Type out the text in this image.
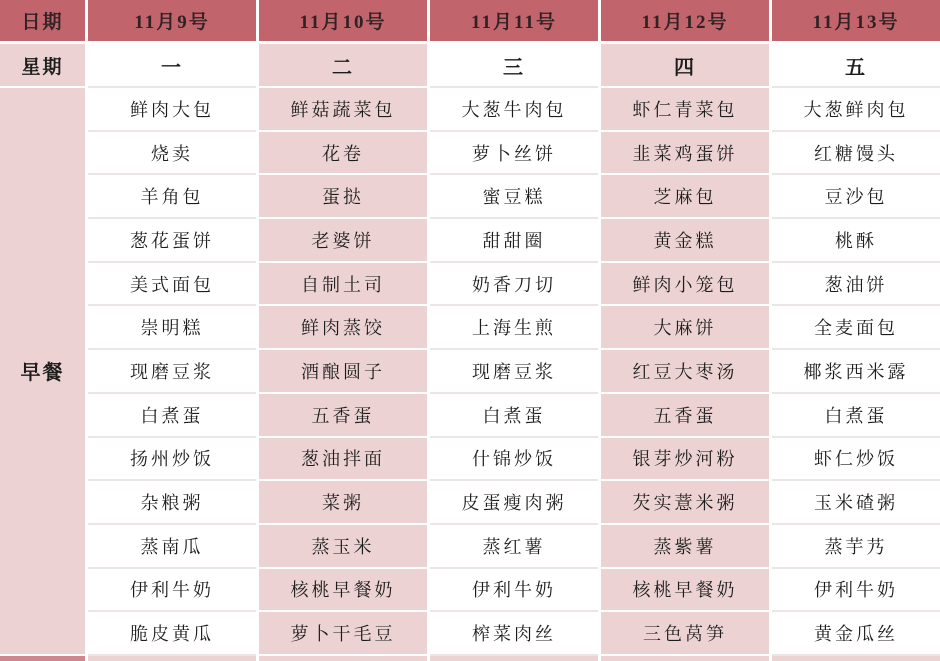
日期	11月9号	11月10号	11月11号	11月12号	11月13号
星期	一	二	三	四	五
早餐
鲜肉大包	鲜菇蔬菜包	大葱牛肉包	虾仁青菜包	大葱鲜肉包
烧卖	花卷	萝卜丝饼	韭菜鸡蛋饼	红糖馒头
羊角包	蛋挞	蜜豆糕	芝麻包	豆沙包
葱花蛋饼	老婆饼	甜甜圈	黄金糕	桃酥
美式面包	自制土司	奶香刀切	鲜肉小笼包	葱油饼
崇明糕	鲜肉蒸饺	上海生煎	大麻饼	全麦面包
现磨豆浆	酒酿圆子	现磨豆浆	红豆大枣汤	椰浆西米露
白煮蛋	五香蛋	白煮蛋	五香蛋	白煮蛋
扬州炒饭	葱油拌面	什锦炒饭	银芽炒河粉	虾仁炒饭
杂粮粥	菜粥	皮蛋瘦肉粥	芡实薏米粥	玉米碴粥
蒸南瓜	蒸玉米	蒸红薯	蒸紫薯	蒸芋艿
伊利牛奶	核桃早餐奶	伊利牛奶	核桃早餐奶	伊利牛奶
脆皮黄瓜	萝卜干毛豆	榨菜肉丝	三色莴笋	黄金瓜丝
